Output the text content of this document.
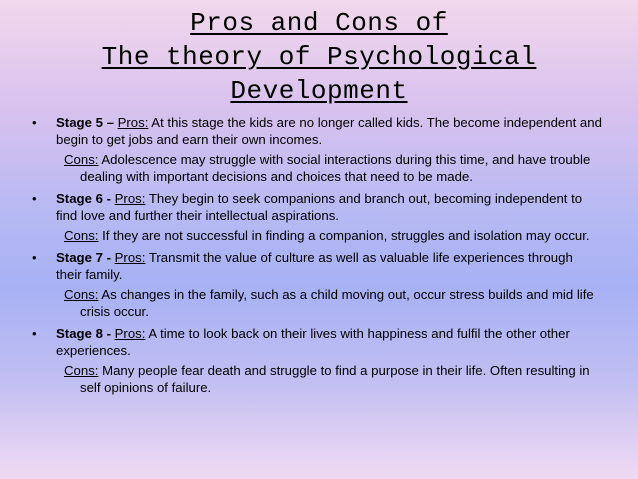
Pros and Cons of
The theory of Psychological
Development
• Stage 5 – Pros: At this stage the kids are no longer called kids. The become independent and begin to get jobs and earn their own incomes.
Cons: Adolescence may struggle with social interactions during this time, and have trouble dealing with important decisions and choices that need to be made.
• Stage 6 - Pros: They begin to seek companions and branch out, becoming independent to find love and further their intellectual aspirations.
Cons: If they are not successful in finding a companion, struggles and isolation may occur.
• Stage 7 - Pros: Transmit the value of culture as well as valuable life experiences through their family.
Cons: As changes in the family, such as a child moving out, occur stress builds and mid life crisis occur.
• Stage 8 - Pros: A time to look back on their lives with happiness and fulfil the other other experiences.
Cons: Many people fear death and struggle to find a purpose in their life. Often resulting in self opinions of failure.
